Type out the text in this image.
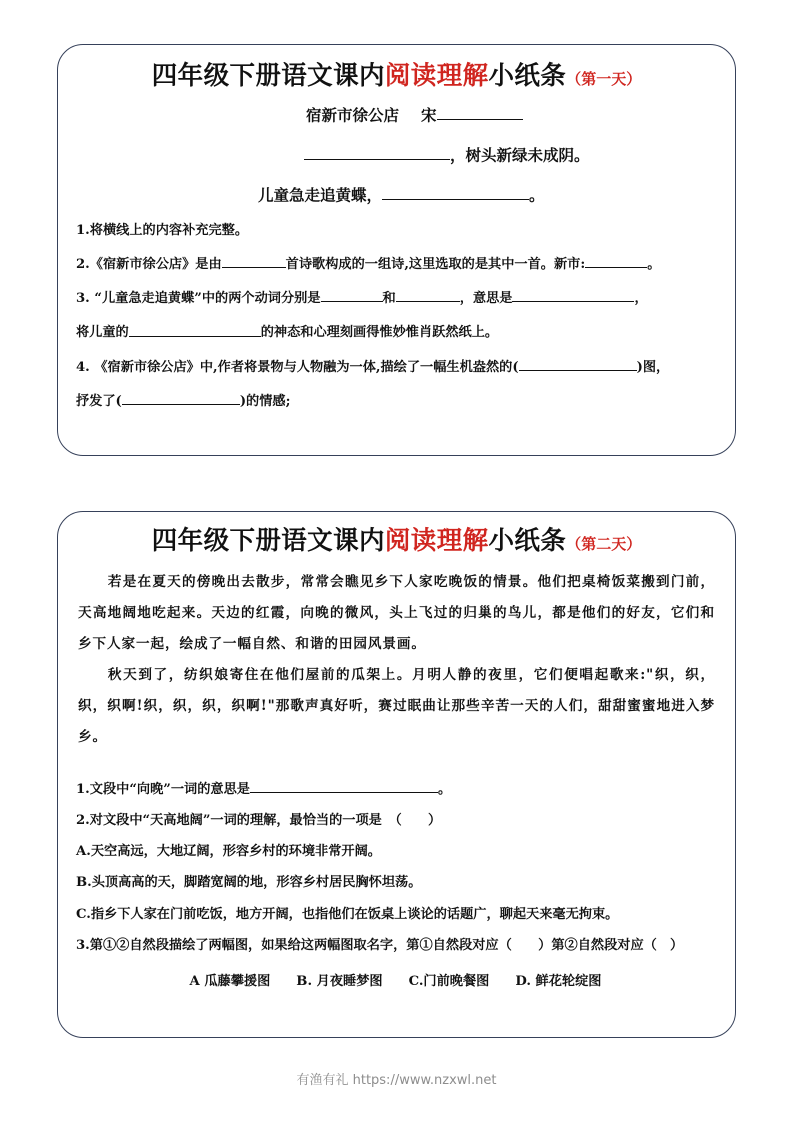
四年级下册语文课内阅读理解小纸条（第一天）
宿新市徐公店 宋
，树头新绿未成阴。
儿童急走追黄蝶，	。
1.将横线上的内容补充完整。
2.《宿新市徐公店》是由	首诗歌构成的一组诗,这里选取的是其中一首。新市:	。
3. “儿童急走追黄蝶”中的两个动词分别是	和	，意思是	，
将儿童的	的神态和心理刻画得惟妙惟肖跃然纸上。
4. 《宿新市徐公店》中,作者将景物与人物融为一体,描绘了一幅生机盎然的(	)图，
抒发了(	)的情感;
四年级下册语文课内阅读理解小纸条（第二天）

若是在夏天的傍晚出去散步，常常会瞧见乡下人家吃晚饭的情景。他们把桌椅饭菜搬到门前，天高地阔地吃起来。天边的红霞，向晚的微风，头上飞过的归巢的鸟儿，都是他们的好友，它们和乡下人家一起，绘成了一幅自然、和谐的田园风景画。

秋天到了，纺织娘寄住在他们屋前的瓜架上。月明人静的夜里，它们便唱起歌来:"织，织，织，织啊!织，织，织，织啊!"那歌声真好听，赛过眠曲让那些辛苦一天的人们，甜甜蜜蜜地进入梦乡。

1.文段中“向晚”一词的意思是	。
2.对文段中“天高地阔”一词的理解，最恰当的一项是　（　　）
A.天空高远，大地辽阔，形容乡村的环境非常开阔。
B.头顶高高的天，脚踏宽阔的地，形容乡村居民胸怀坦荡。
C.指乡下人家在门前吃饭，地方开阔，也指他们在饭桌上谈论的话题广，聊起天来毫无拘束。
3.第①②自然段描绘了两幅图，如果给这两幅图取名字，第①自然段对应（　　）第②自然段对应（　）
A 瓜藤攀援图 B. 月夜睡梦图 C.门前晚餐图 D. 鲜花轮绽图
有渔有礼 https://www.nzxwl.net
